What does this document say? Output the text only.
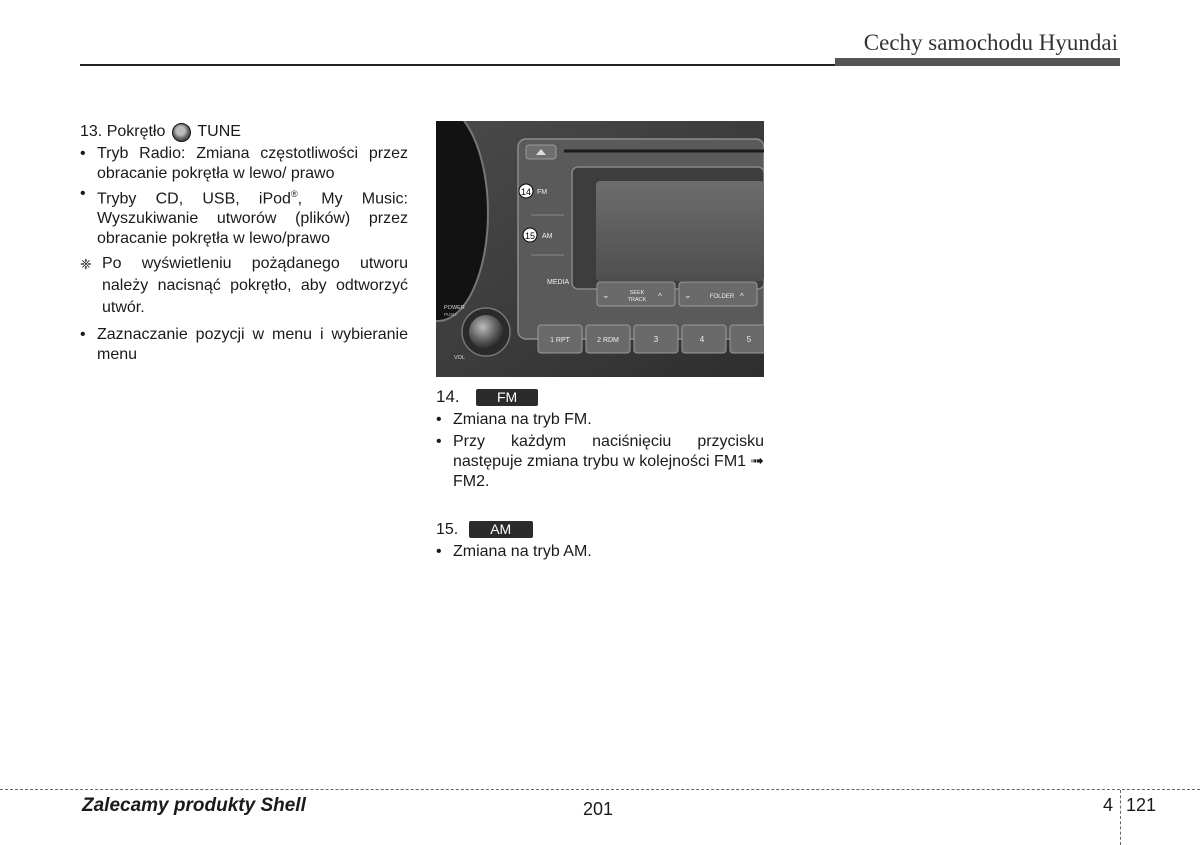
Cechy samochodu Hyundai
13. Pokrętło TUNE
• Tryb Radio: Zmiana częstotliwości przez obracanie pokrętła w lewo/ prawo
• Tryby CD, USB, iPod®, My Music: Wyszukiwanie utworów (plików) przez obracanie pokrętła w lewo/prawo
❈ Po wyświetleniu pożądanego utworu należy nacisnąć pokrętło, aby odtworzyć utwór.
• Zaznaczanie pozycji w menu i wybieranie menu
14 FM
15 AM
MEDIA
⌄	SEEK
TRACK ^ ⌄	FOLDER ^
POWER
PUSH
VOL
1 RPT	2 RDM	3	4	5
14.	FM
• Zmiana na tryb FM.
• Przy każdym naciśnięciu przycisku następuje zmiana trybu w kolejności FM1 ➟ FM2.
15. AM
• Zmiana na tryb AM.
Zalecamy produkty Shell	201	4 121
